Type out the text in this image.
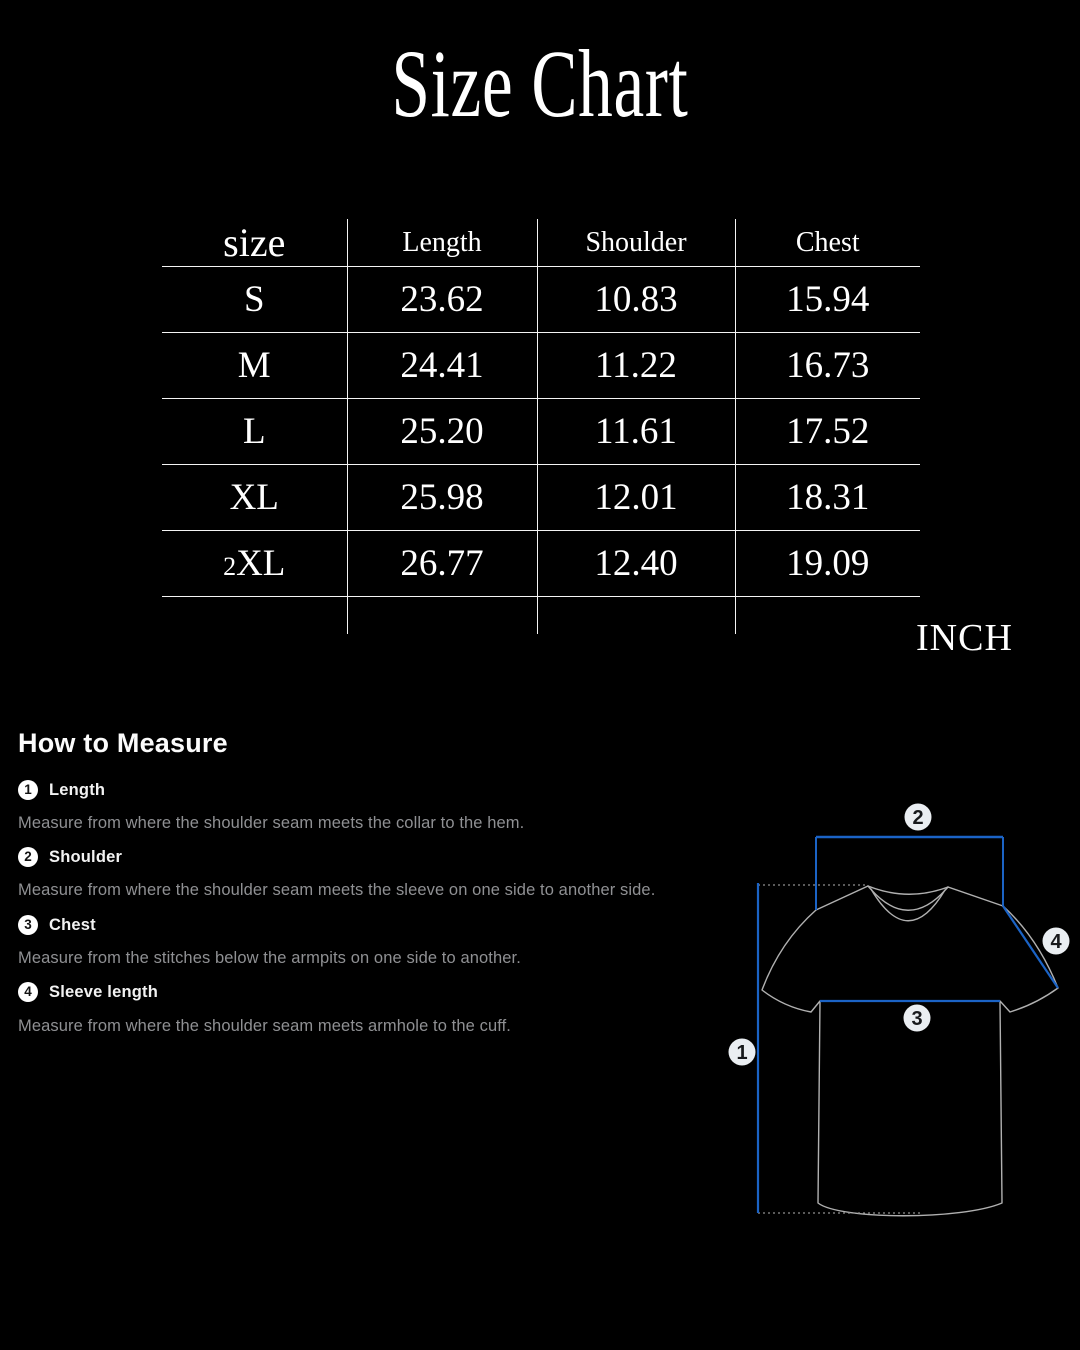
Size Chart
size	Length	Shoulder	Chest
S	23.62	10.83	15.94
M	24.41	11.22	16.73
L	25.20	11.61	17.52
XL	25.98	12.01	18.31
2XL	26.77	12.40	19.09

INCH
How to Measure
1	Length
Measure from where the shoulder seam meets the collar to the hem.
2	Shoulder
Measure from where the shoulder seam meets the sleeve on one side to another side.
3	Chest
Measure from the stitches below the armpits on one side to another.
4	Sleeve length
Measure from where the shoulder seam meets armhole to the cuff.
2
1
3
4
